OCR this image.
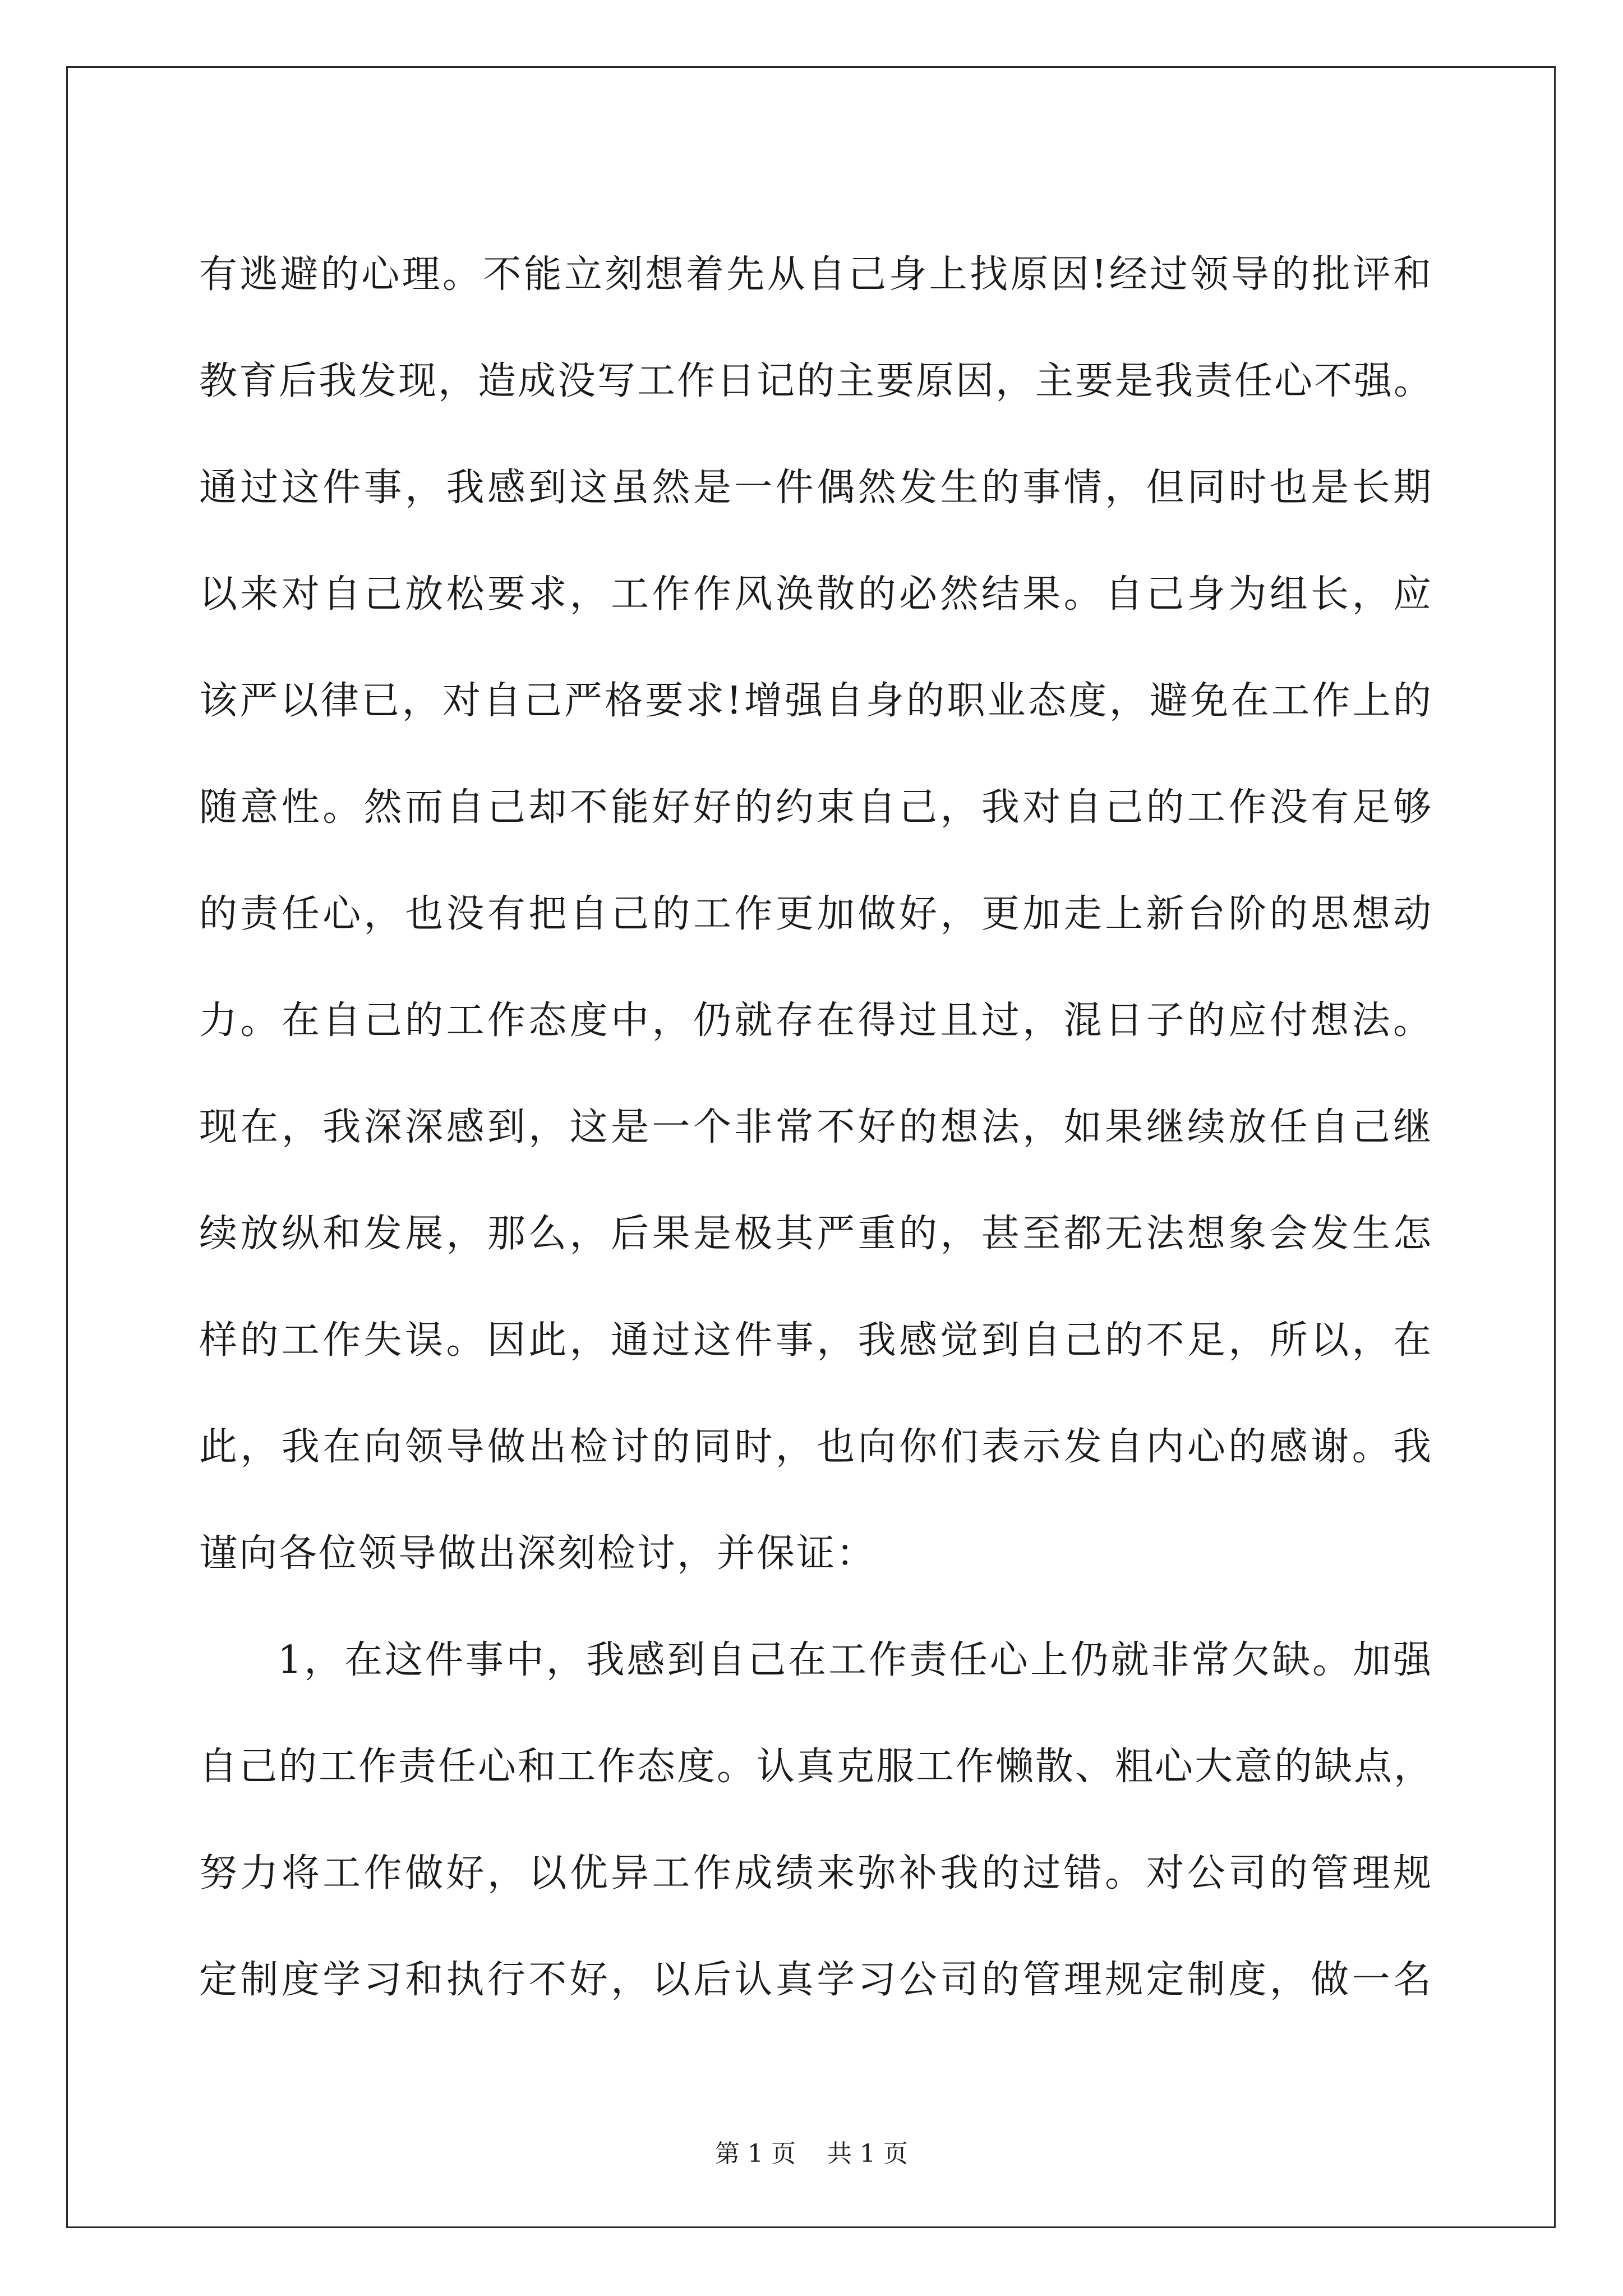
有逃避的心理。不能立刻想着先从自己身上找原因!经过领导的批评和
教育后我发现，造成没写工作日记的主要原因，主要是我责任心不强。
通过这件事，我感到这虽然是一件偶然发生的事情，但同时也是长期
以来对自己放松要求，工作作风涣散的必然结果。自己身为组长，应
该严以律已，对自己严格要求!增强自身的职业态度，避免在工作上的
随意性。然而自己却不能好好的约束自己，我对自己的工作没有足够
的责任心，也没有把自己的工作更加做好，更加走上新台阶的思想动
力。在自己的工作态度中，仍就存在得过且过，混日子的应付想法。
现在，我深深感到，这是一个非常不好的想法，如果继续放任自己继
续放纵和发展，那么，后果是极其严重的，甚至都无法想象会发生怎
样的工作失误。因此，通过这件事，我感觉到自己的不足，所以，在
此，我在向领导做出检讨的同时，也向你们表示发自内心的感谢。我
谨向各位领导做出深刻检讨，并保证：
1，在这件事中，我感到自己在工作责任心上仍就非常欠缺。加强
自己的工作责任心和工作态度。认真克服工作懒散、粗心大意的缺点，
努力将工作做好，以优异工作成绩来弥补我的过错。对公司的管理规
定制度学习和执行不好，以后认真学习公司的管理规定制度，做一名
第 1 页    共 1 页
